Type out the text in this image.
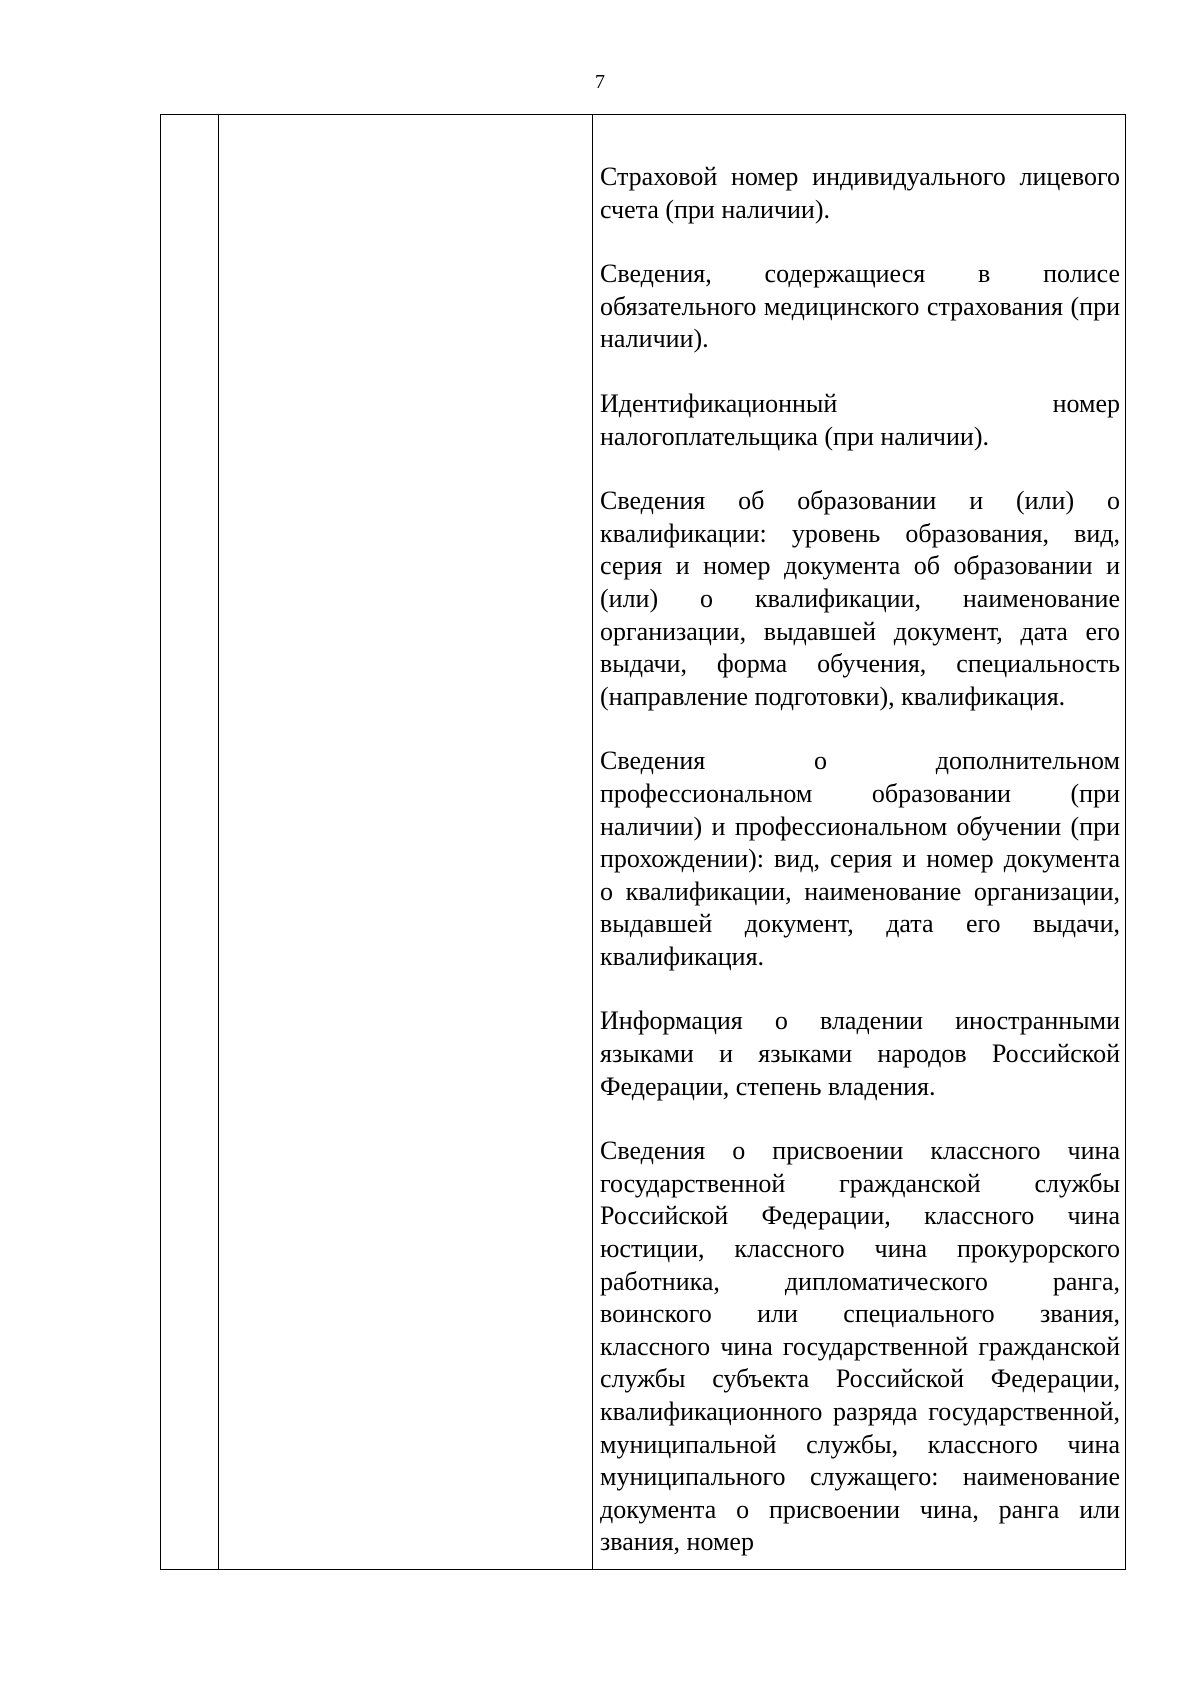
7

Страховой номер индивидуального лицевого счета (при наличии).

Сведения, содержащиеся в полисе обязательного медицинского страхования (при наличии).

Идентификационный номер налогоплательщика (при наличии).

Сведения об образовании и (или) о квалификации: уровень образования, вид, серия и номер документа об образовании и (или) о квалификации, наименование организации, выдавшей документ, дата его выдачи, форма обучения, специальность (направление подготовки), квалификация.

Сведения о дополнительном профессиональном образовании (при наличии) и профессиональном обучении (при прохождении): вид, серия и номер документа о квалификации, наименование организации, выдавшей документ, дата его выдачи, квалификация.

Информация о владении иностранными языками и языками народов Российской Федерации, степень владения.

Сведения о присвоении классного чина государственной гражданской службы Российской Федерации, классного чина юстиции, классного чина прокурорского работника, дипломатического ранга, воинского или специального звания, классного чина государственной гражданской службы субъекта Российской Федерации, квалификационного разряда государственной, муниципальной службы, классного чина муниципального служащего: наименование документа о присвоении чина, ранга или звания, номер
